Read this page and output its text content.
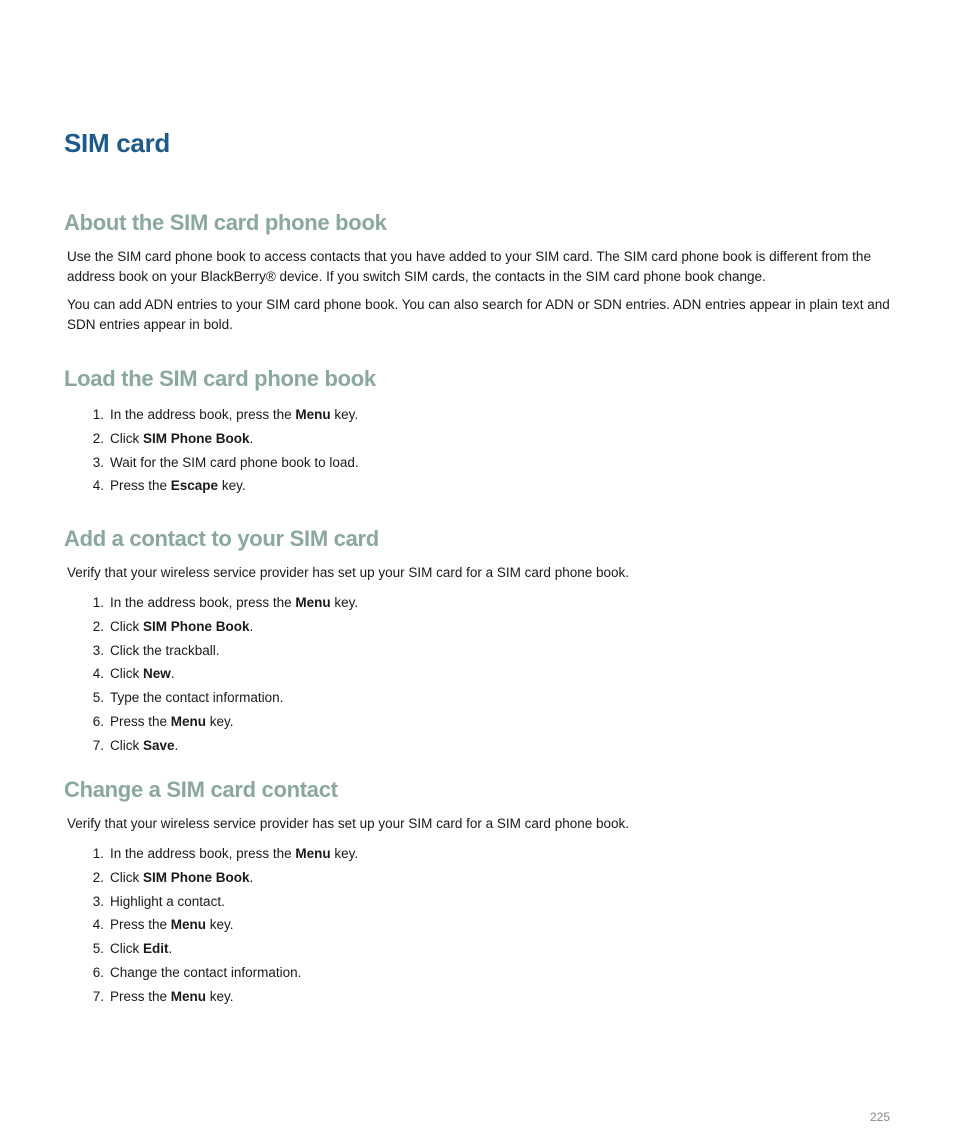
SIM card
About the SIM card phone book

Use the SIM card phone book to access contacts that you have added to your SIM card. The SIM card phone book is different from the address book on your BlackBerry® device. If you switch SIM cards, the contacts in the SIM card phone book change.

You can add ADN entries to your SIM card phone book. You can also search for ADN or SDN entries. ADN entries appear in plain text and SDN entries appear in bold.

Load the SIM card phone book
1. In the address book, press the Menu key.
2. Click SIM Phone Book.
3. Wait for the SIM card phone book to load.
4. Press the Escape key.
Add a contact to your SIM card

Verify that your wireless service provider has set up your SIM card for a SIM card phone book.

1. In the address book, press the Menu key.
2. Click SIM Phone Book.
3. Click the trackball.
4. Click New.
5. Type the contact information.
6. Press the Menu key.
7. Click Save.
Change a SIM card contact

Verify that your wireless service provider has set up your SIM card for a SIM card phone book.

1. In the address book, press the Menu key.
2. Click SIM Phone Book.
3. Highlight a contact.
4. Press the Menu key.
5. Click Edit.
6. Change the contact information.
7. Press the Menu key.
225
